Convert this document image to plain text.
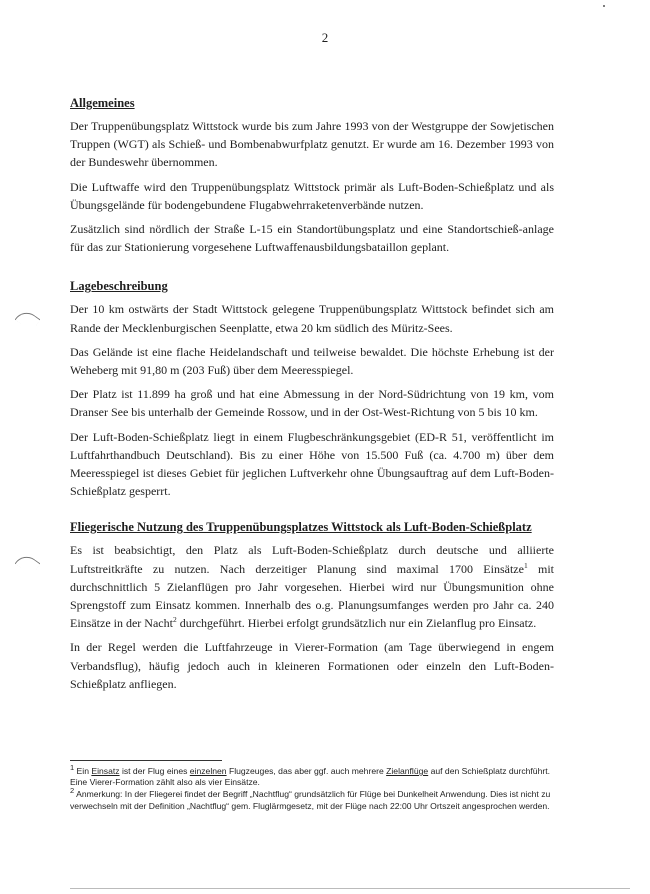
2
Allgemeines

Der Truppenübungsplatz Wittstock wurde bis zum Jahre 1993 von der Westgruppe der Sowjetischen Truppen (WGT) als Schieß- und Bombenabwurfplatz genutzt. Er wurde am 16. Dezember 1993 von der Bundeswehr übernommen.

Die Luftwaffe wird den Truppenübungsplatz Wittstock primär als Luft-Boden-Schießplatz und als Übungsgelände für bodengebundene Flugabwehrraketenverbände nutzen.

Zusätzlich sind nördlich der Straße L-15 ein Standortübungsplatz und eine Standortschieß-anlage für das zur Stationierung vorgesehene Luftwaffenausbildungsbataillon geplant.

Lagebeschreibung

Der 10 km ostwärts der Stadt Wittstock gelegene Truppenübungsplatz Wittstock befindet sich am Rande der Mecklenburgischen Seenplatte, etwa 20 km südlich des Müritz-Sees.

Das Gelände ist eine flache Heidelandschaft und teilweise bewaldet. Die höchste Erhebung ist der Weheberg mit 91,80 m (203 Fuß) über dem Meeresspiegel.

Der Platz ist 11.899 ha groß und hat eine Abmessung in der Nord-Südrichtung von 19 km, vom Dranser See bis unterhalb der Gemeinde Rossow, und in der Ost-West-Richtung von 5 bis 10 km.

Der Luft-Boden-Schießplatz liegt in einem Flugbeschränkungsgebiet (ED-R 51, veröffentlicht im Luftfahrthandbuch Deutschland). Bis zu einer Höhe von 15.500 Fuß (ca. 4.700 m) über dem Meeresspiegel ist dieses Gebiet für jeglichen Luftverkehr ohne Übungsauftrag auf dem Luft-Boden-Schießplatz gesperrt.

Fliegerische Nutzung des Truppenübungsplatzes Wittstock als Luft-Boden-Schießplatz

Es ist beabsichtigt, den Platz als Luft-Boden-Schießplatz durch deutsche und alliierte Luftstreitkräfte zu nutzen. Nach derzeitiger Planung sind maximal 1700 Einsätze$^1$ mit durchschnittlich 5 Zielanflügen pro Jahr vorgesehen. Hierbei wird nur Übungsmunition ohne Sprengstoff zum Einsatz kommen. Innerhalb des o.g. Planungsumfanges werden pro Jahr ca. 240 Einsätze in der Nacht$^2$ durchgeführt. Hierbei erfolgt grundsätzlich nur ein Zielanflug pro Einsatz.

In der Regel werden die Luftfahrzeuge in Vierer-Formation (am Tage überwiegend in engem Verbandsflug), häufig jedoch auch in kleineren Formationen oder einzeln den Luft-Boden-Schießplatz anfliegen.

$^1$ Ein Einsatz ist der Flug eines einzelnen Flugzeuges, das aber ggf. auch mehrere Zielanflüge auf den Schießplatz durchführt. Eine Vierer-Formation zählt also als vier Einsätze.

$^2$ Anmerkung: In der Fliegerei findet der Begriff „Nachtflug“ grundsätzlich für Flüge bei Dunkelheit Anwendung. Dies ist nicht zu verwechseln mit der Definition „Nachtflug“ gem. Fluglärmgesetz, mit der Flüge nach 22:00 Uhr Ortszeit angesprochen werden.
